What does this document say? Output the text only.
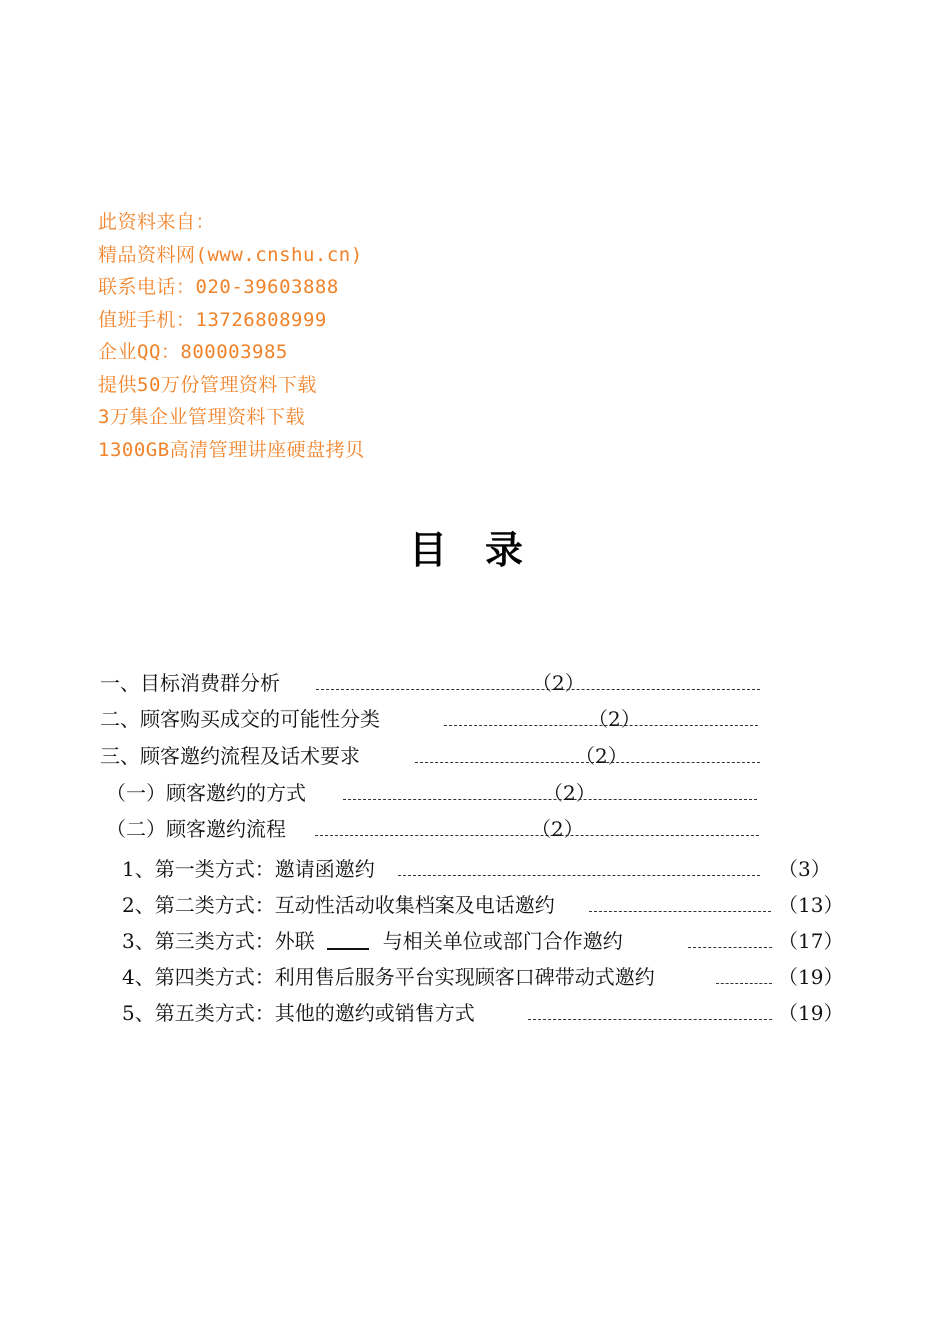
此资料来自：
精品资料网(www.cnshu.cn)
联系电话：020-39603888
值班手机：13726808999
企业QQ：800003985
提供50万份管理资料下载
3万集企业管理资料下载
1300GB高清管理讲座硬盘拷贝
目录
一、目标消费群分析	（2）
二、顾客购买成交的可能性分类	（2）
三、顾客邀约流程及话术要求	（2）
（一）顾客邀约的方式	（2）
（二）顾客邀约流程	（2）
1、第一类方式：邀请函邀约	（3）
2、第二类方式：互动性活动收集档案及电话邀约	（13）
3、第三类方式：外联	与相关单位或部门合作邀约	（17）
4、第四类方式：利用售后服务平台实现顾客口碑带动式邀约	（19）
5、第五类方式：其他的邀约或销售方式	（19）
